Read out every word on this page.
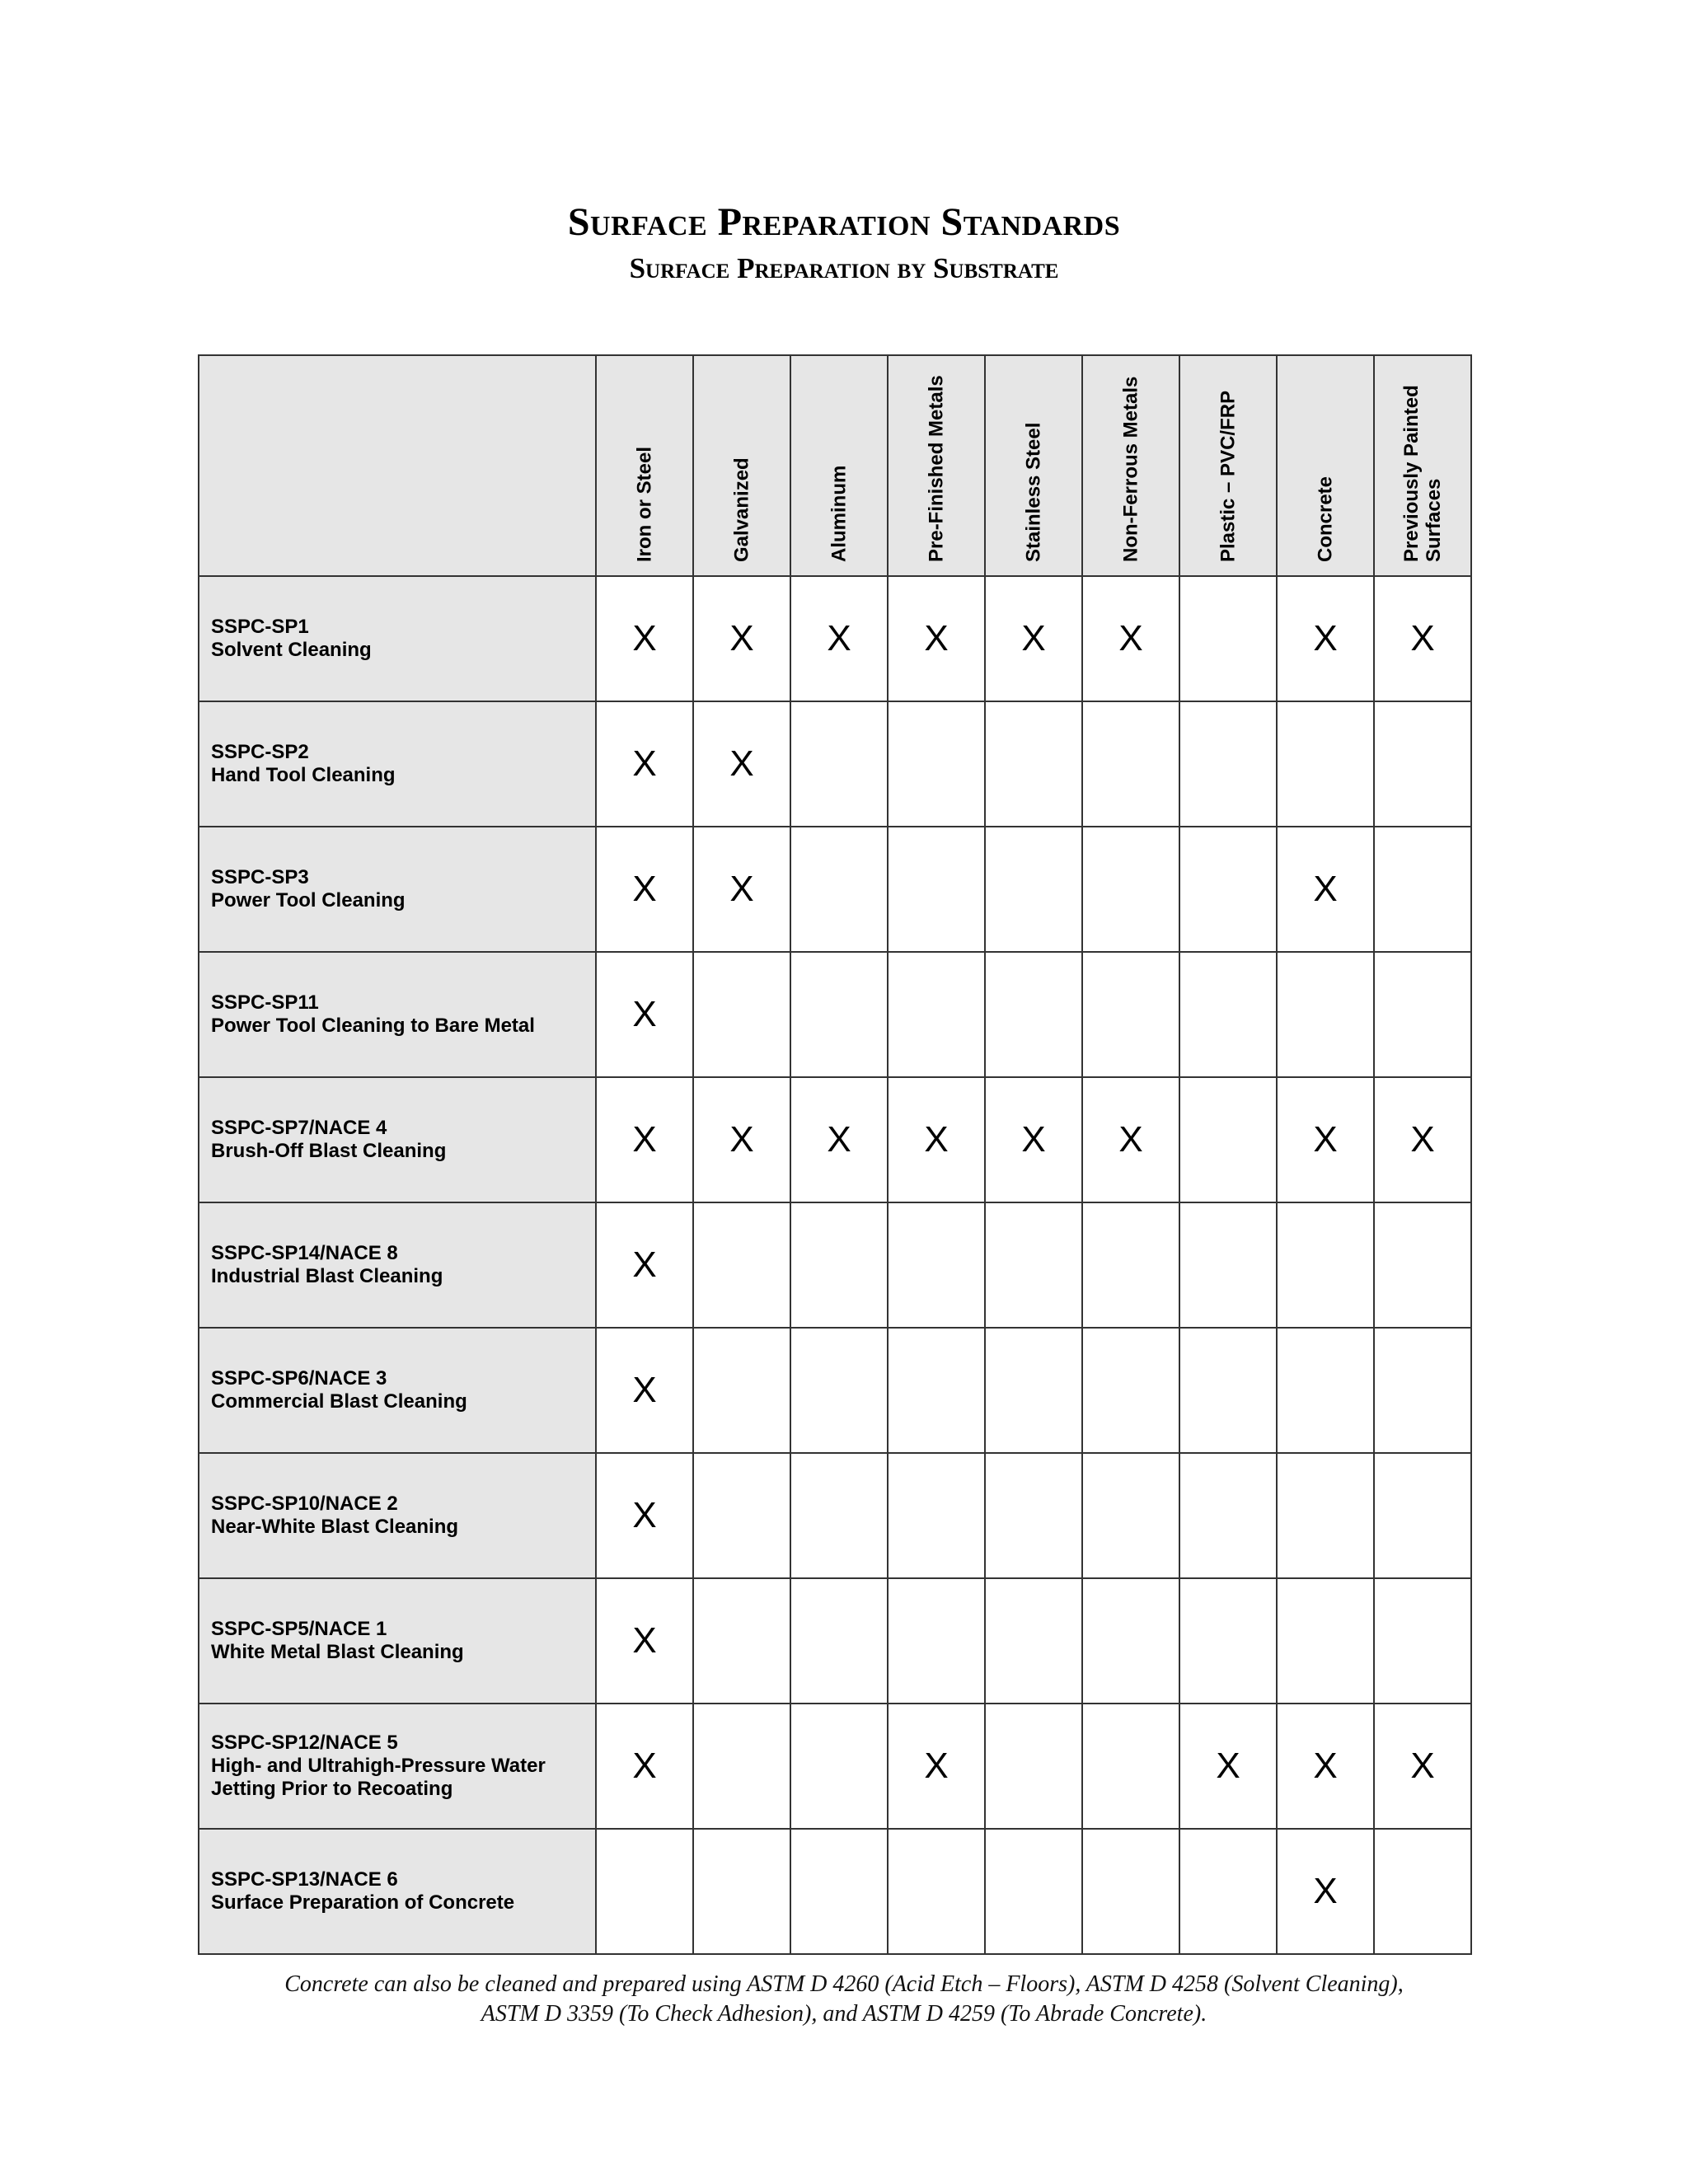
Surface Preparation Standards
Surface Preparation by Substrate

	Iron or Steel	Galvanized	Aluminum	Pre-Finished Metals	Stainless Steel	Non-Ferrous Metals	Plastic – PVC/FRP	Concrete	Previously Painted Surfaces

SSPC-SP1
Solvent Cleaning	X	X	X	X	X	X		X	X

SSPC-SP2
Hand Tool Cleaning	X	X							

SSPC-SP3
Power Tool Cleaning	X	X						X	

SSPC-SP11
Power Tool Cleaning to Bare Metal	X								

SSPC-SP7/NACE 4
Brush-Off Blast Cleaning	X	X	X	X	X	X		X	X

SSPC-SP14/NACE 8
Industrial Blast Cleaning	X								

SSPC-SP6/NACE 3
Commercial Blast Cleaning	X								

SSPC-SP10/NACE 2
Near-White Blast Cleaning	X								

SSPC-SP5/NACE 1
White Metal Blast Cleaning	X								

SSPC-SP12/NACE 5
High- and Ultrahigh-Pressure Water Jetting Prior to Recoating	X			X			X	X	X

SSPC-SP13/NACE 6
Surface Preparation of Concrete								X	
Concrete can also be cleaned and prepared using ASTM D 4260 (Acid Etch – Floors), ASTM D 4258 (Solvent Cleaning),
ASTM D 3359 (To Check Adhesion), and ASTM D 4259 (To Abrade Concrete).
